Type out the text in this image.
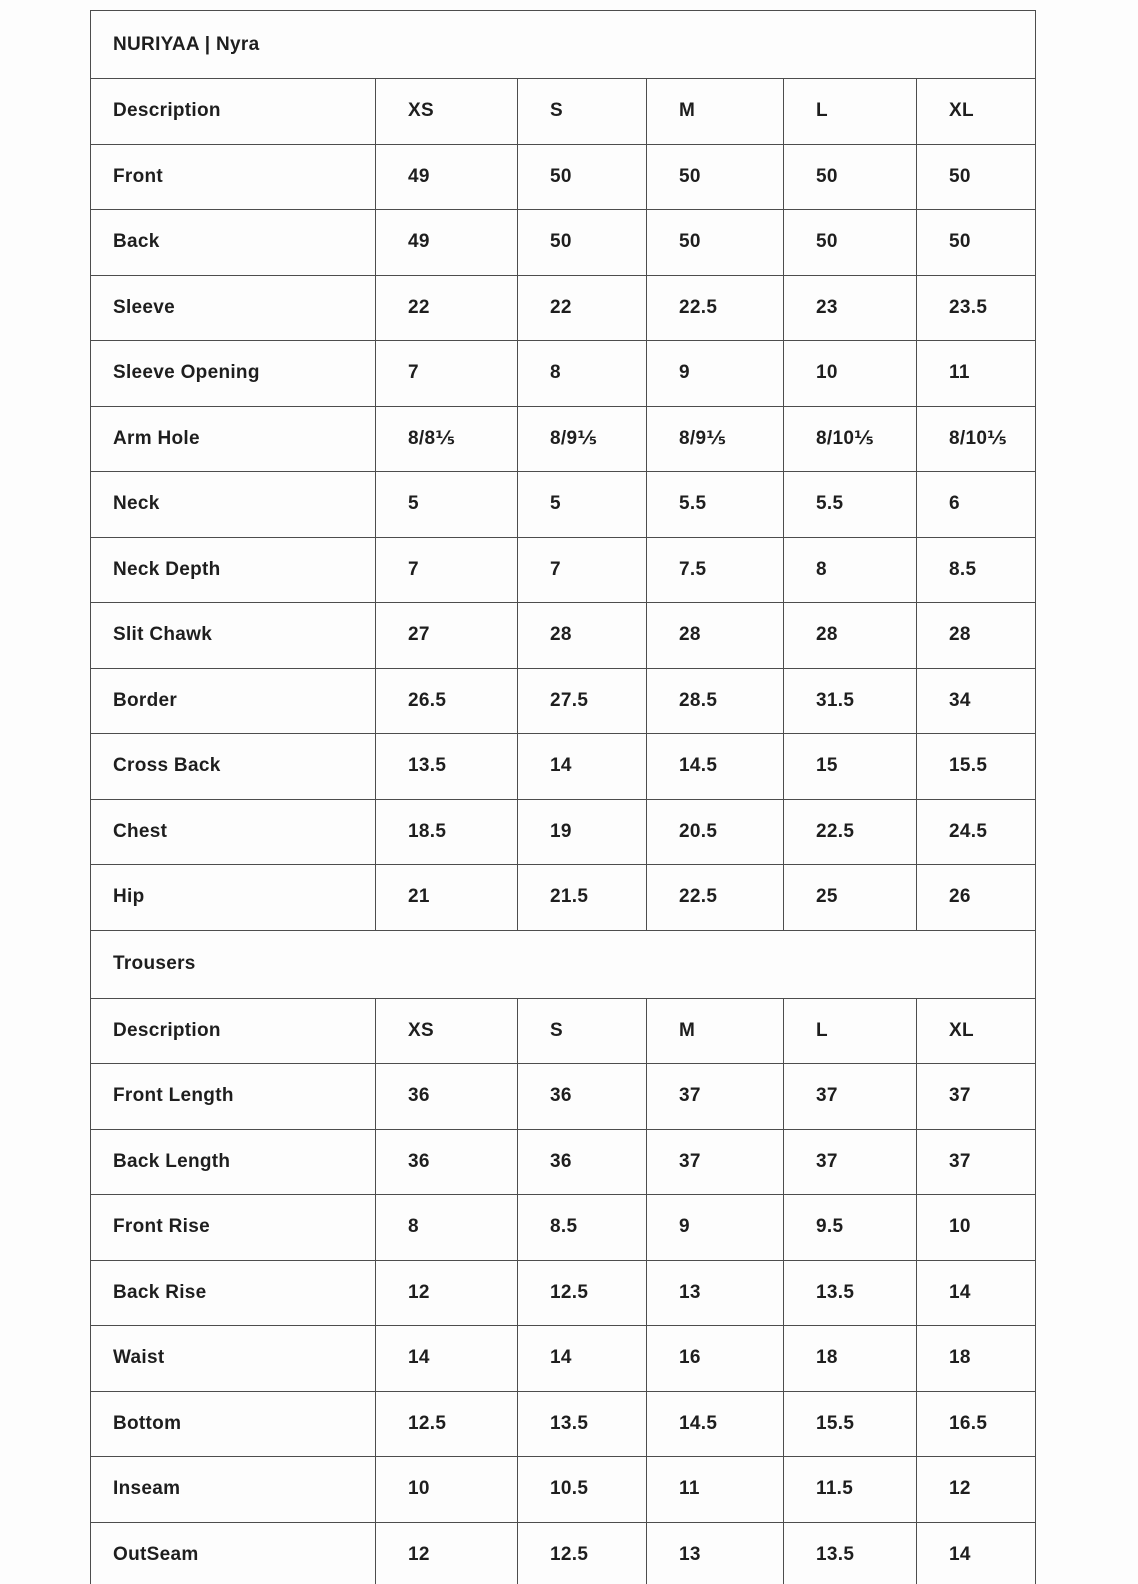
NURIYAA | Nyra					
Description	XS	S	M	L	XL
Front	49	50	50	50	50
Back	49	50	50	50	50
Sleeve	22	22	22.5	23	23.5
Sleeve Opening	7	8	9	10	11
Arm Hole	8/8⅕	8/9⅕	8/9⅕	8/10⅕	8/10⅕
Neck	5	5	5.5	5.5	6
Neck Depth	7	7	7.5	8	8.5
Slit Chawk	27	28	28	28	28
Border	26.5	27.5	28.5	31.5	34
Cross Back	13.5	14	14.5	15	15.5
Chest	18.5	19	20.5	22.5	24.5
Hip	21	21.5	22.5	25	26
Trousers					
Description	XS	S	M	L	XL
Front Length	36	36	37	37	37
Back Length	36	36	37	37	37
Front Rise	8	8.5	9	9.5	10
Back Rise	12	12.5	13	13.5	14
Waist	14	14	16	18	18
Bottom	12.5	13.5	14.5	15.5	16.5
Inseam	10	10.5	11	11.5	12
OutSeam	12	12.5	13	13.5	14
